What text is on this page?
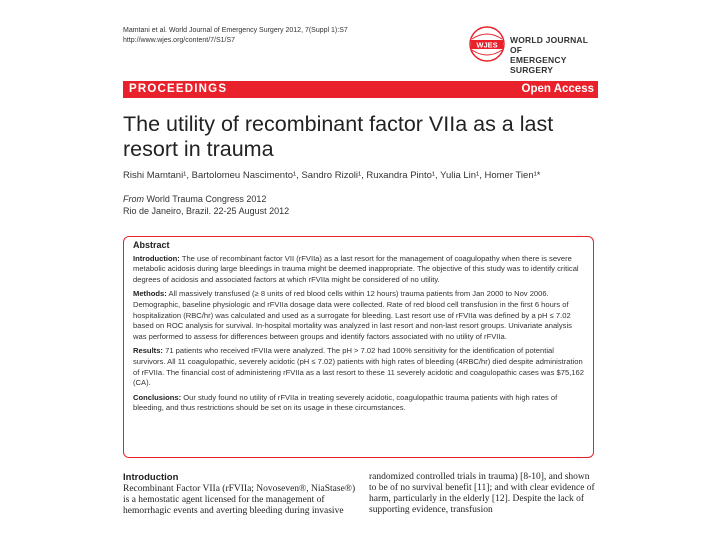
Mamtani et al. World Journal of Emergency Surgery 2012, 7(Suppl 1):S7
http://www.wjes.org/content/7/S1/S7	WJES WORLD JOURNAL OF
EMERGENCY SURGERY
PROCEEDINGS	Open Access
The utility of recombinant factor VIIa as a last resort in trauma
Rishi Mamtani¹, Bartolomeu Nascimento¹, Sandro Rizoli¹, Ruxandra Pinto¹, Yulia Lin¹, Homer Tien¹*
From World Trauma Congress 2012
Rio de Janeiro, Brazil. 22-25 August 2012
Abstract

Introduction: The use of recombinant factor VII (rFVIIa) as a last resort for the management of coagulopathy when there is severe metabolic acidosis during large bleedings in trauma might be deemed inappropriate. The objective of this study was to identify critical degrees of acidosis and associated factors at which rFVIIa might be considered of no utility.

Methods: All massively transfused (≥ 8 units of red blood cells within 12 hours) trauma patients from Jan 2000 to Nov 2006. Demographic, baseline physiologic and rFVIIa dosage data were collected. Rate of red blood cell transfusion in the first 6 hours of hospitalization (RBC/hr) was calculated and used as a surrogate for bleeding. Last resort use of rFVIIa was defined by a pH ≤ 7.02 based on ROC analysis for survival. In-hospital mortality was analyzed in last resort and non-last resort groups. Univariate analysis was performed to assess for differences between groups and identify factors associated with no utility of rFVIIa.

Results: 71 patients who received rFVIIa were analyzed. The pH > 7.02 had 100% sensitivity for the identification of potential survivors. All 11 coagulopathic, severely acidotic (pH ≤ 7.02) patients with high rates of bleeding (4RBC/hr) died despite administration of rFVIIa. The financial cost of administering rFVIIa as a last resort to these 11 severely acidotic and coagulopathic cases was $75,162 (CA).

Conclusions: Our study found no utility of rFVIIa in treating severely acidotic, coagulopathic trauma patients with high rates of bleeding, and thus restrictions should be set on its usage in these circumstances.

Introduction
Recombinant Factor VIIa (rFVIIa; Novoseven®, NiaStase®) is a hemostatic agent licensed for the management of hemorrhagic events and averting bleeding during invasive
randomized controlled trials in trauma) [8-10], and shown to be of no survival benefit [11]; and with clear evidence of harm, particularly in the elderly [12]. Despite the lack of supporting evidence, transfusion
